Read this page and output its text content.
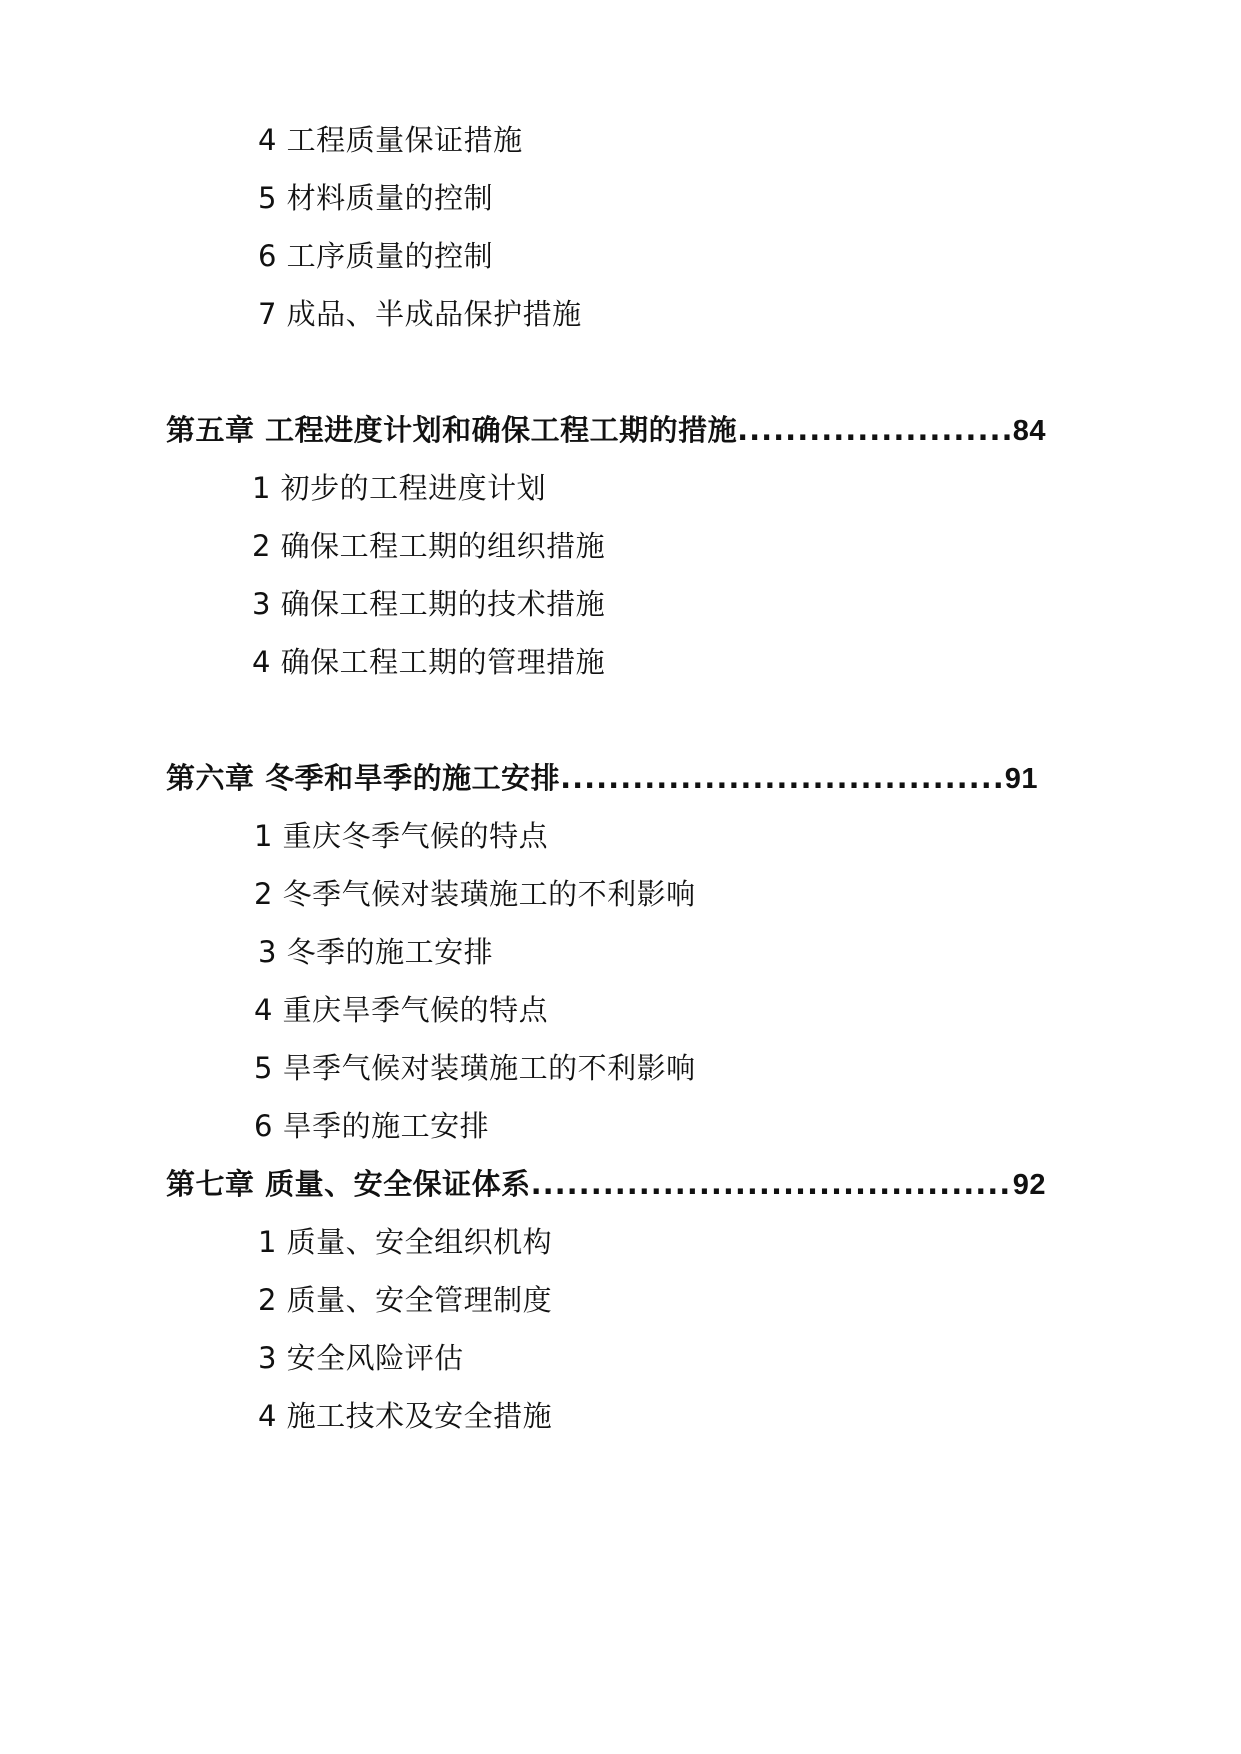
4 工程质量保证措施
5 材料质量的控制
6 工序质量的控制
7 成品、半成品保护措施
第五章 工程进度计划和确保工程工期的措施 .....	84
1 初步的工程进度计划
2 确保工程工期的组织措施
3 确保工程工期的技术措施
4 确保工程工期的管理措施
第六章 冬季和旱季的施工安排 .....	91
1 重庆冬季气候的特点
2 冬季气候对装璜施工的不利影响
3 冬季的施工安排
4 重庆旱季气候的特点
5 旱季气候对装璜施工的不利影响
6 旱季的施工安排
第七章 质量、安全保证体系 .....	92
1 质量、安全组织机构
2 质量、安全管理制度
3 安全风险评估
4 施工技术及安全措施
